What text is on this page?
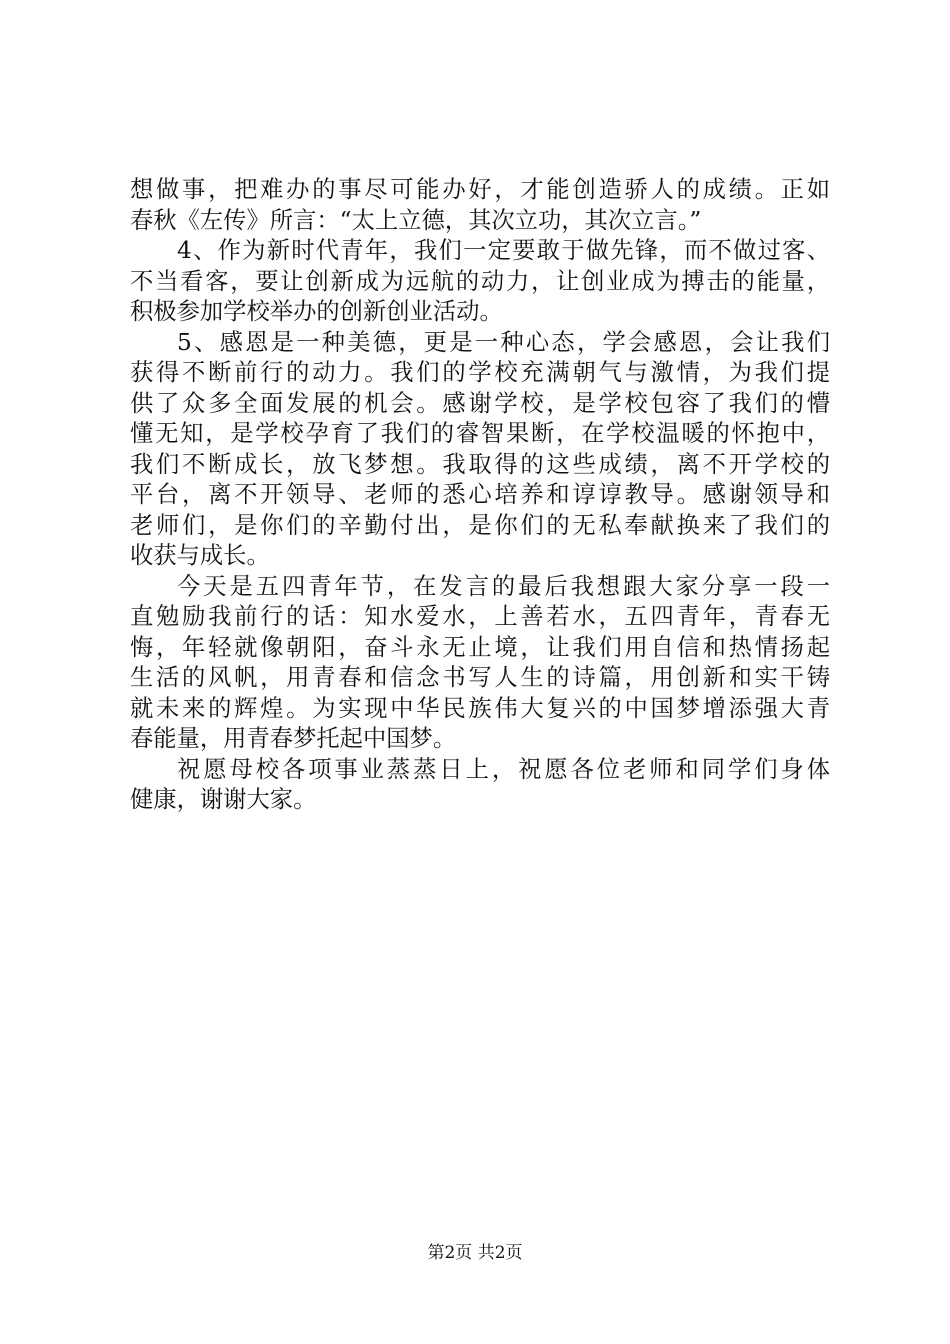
想做事，把难办的事尽可能办好，才能创造骄人的成绩。正如
春秋《左传》所言：“太上立德，其次立功，其次立言。”
4、作为新时代青年，我们一定要敢于做先锋，而不做过客、
不当看客，要让创新成为远航的动力，让创业成为搏击的能量，
积极参加学校举办的创新创业活动。
5、感恩是一种美德，更是一种心态，学会感恩，会让我们
获得不断前行的动力。我们的学校充满朝气与激情，为我们提
供了众多全面发展的机会。感谢学校，是学校包容了我们的懵
懂无知，是学校孕育了我们的睿智果断，在学校温暖的怀抱中，
我们不断成长，放飞梦想。我取得的这些成绩，离不开学校的
平台，离不开领导、老师的悉心培养和谆谆教导。感谢领导和
老师们，是你们的辛勤付出，是你们的无私奉献换来了我们的
收获与成长。
今天是五四青年节，在发言的最后我想跟大家分享一段一
直勉励我前行的话：知水爱水，上善若水，五四青年，青春无
悔，年轻就像朝阳，奋斗永无止境，让我们用自信和热情扬起
生活的风帆，用青春和信念书写人生的诗篇，用创新和实干铸
就未来的辉煌。为实现中华民族伟大复兴的中国梦增添强大青
春能量，用青春梦托起中国梦。
祝愿母校各项事业蒸蒸日上，祝愿各位老师和同学们身体
健康，谢谢大家。
第2页 共2页
